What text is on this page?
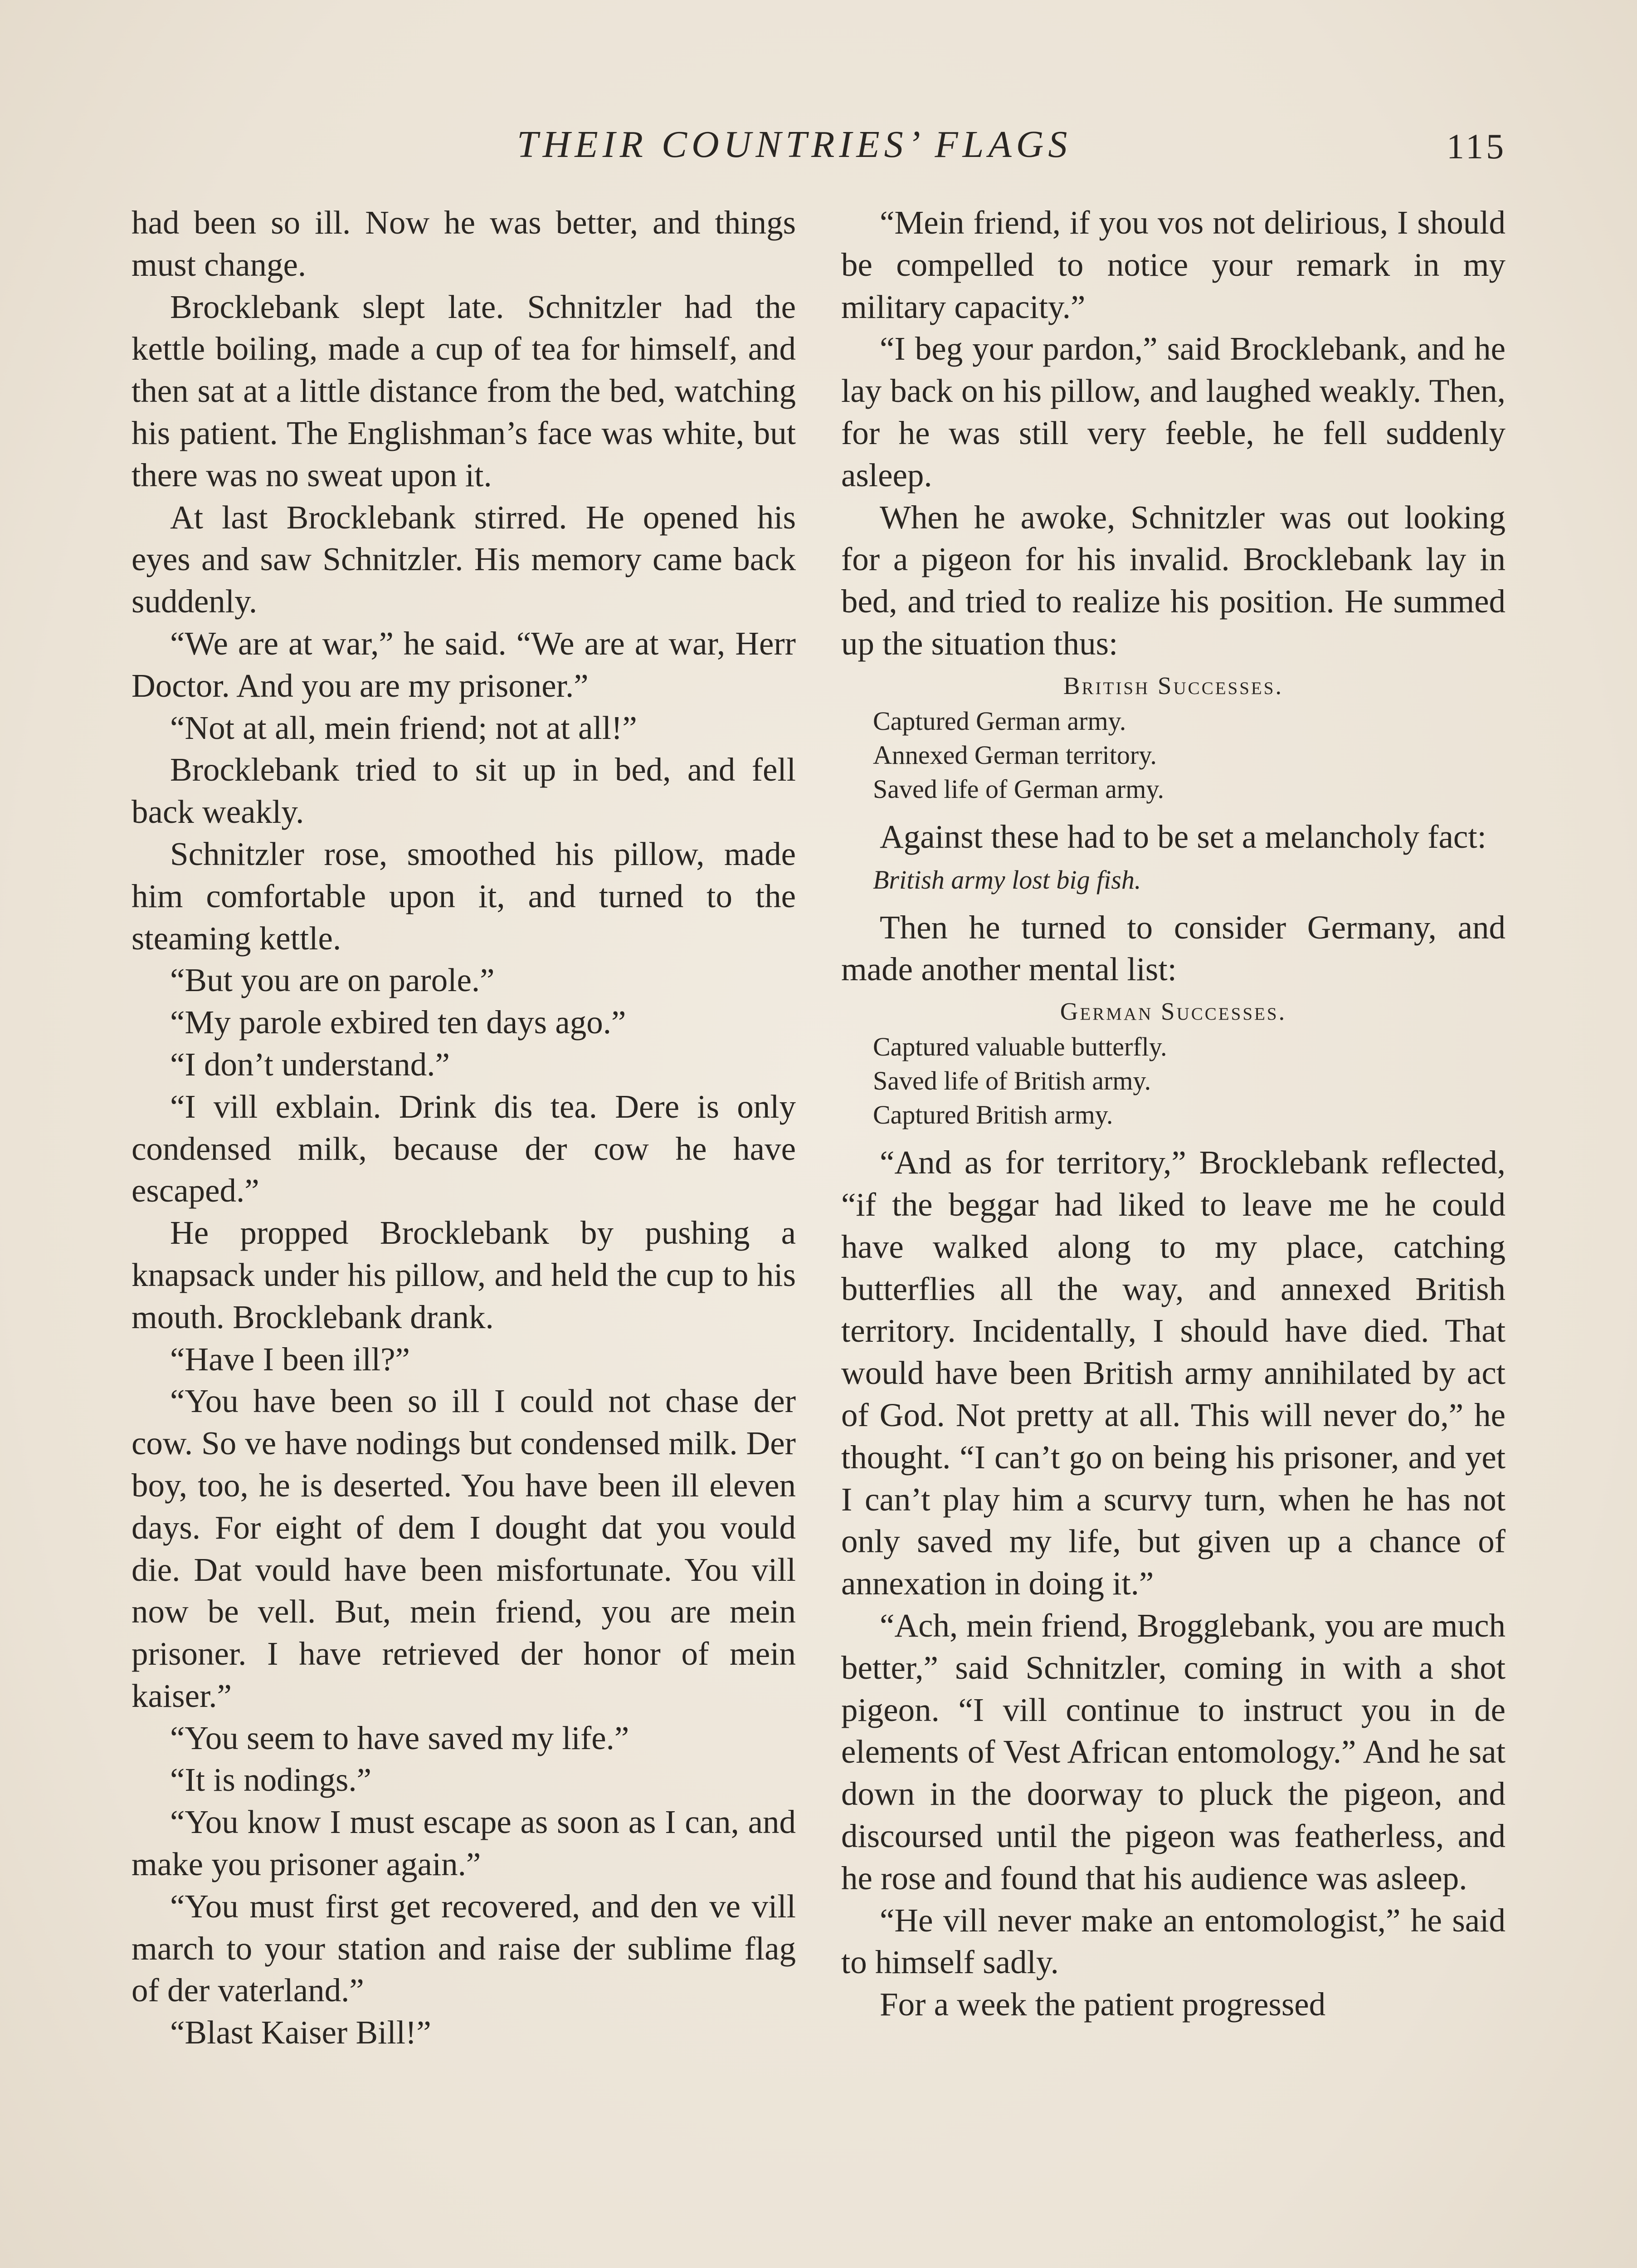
THEIR COUNTRIES’ FLAGS	115

had been so ill. Now he was better, and things must change.

Brocklebank slept late. Schnitzler had the kettle boiling, made a cup of tea for himself, and then sat at a little distance from the bed, watching his patient. The Englishman’s face was white, but there was no sweat upon it.

At last Brocklebank stirred. He opened his eyes and saw Schnitzler. His memory came back suddenly.

“We are at war,” he said. “We are at war, Herr Doctor. And you are my prisoner.”

“Not at all, mein friend; not at all!”

Brocklebank tried to sit up in bed, and fell back weakly.

Schnitzler rose, smoothed his pillow, made him comfortable upon it, and turned to the steaming kettle.

“But you are on parole.”

“My parole exbired ten days ago.”

“I don’t understand.”

“I vill exblain. Drink dis tea. Dere is only condensed milk, because der cow he have escaped.”

He propped Brocklebank by pushing a knapsack under his pillow, and held the cup to his mouth. Brocklebank drank.

“Have I been ill?”

“You have been so ill I could not chase der cow. So ve have nodings but condensed milk. Der boy, too, he is deserted. You have been ill eleven days. For eight of dem I dought dat you vould die. Dat vould have been misfortunate. You vill now be vell. But, mein friend, you are mein prisoner. I have retrieved der honor of mein kaiser.”

“You seem to have saved my life.”

“It is nodings.”

“You know I must escape as soon as I can, and make you prisoner again.”

“You must first get recovered, and den ve vill march to your station and raise der sublime flag of der vaterland.”

“Blast Kaiser Bill!”

“Mein friend, if you vos not delirious, I should be compelled to notice your remark in my military capacity.”

“I beg your pardon,” said Brocklebank, and he lay back on his pillow, and laughed weakly. Then, for he was still very feeble, he fell suddenly asleep.

When he awoke, Schnitzler was out looking for a pigeon for his invalid. Brocklebank lay in bed, and tried to realize his position. He summed up the situation thus:

British Successes.
Captured German army.
Annexed German territory.
Saved life of German army.

Against these had to be set a melancholy fact:

British army lost big fish.

Then he turned to consider Germany, and made another mental list:

German Successes.
Captured valuable butterfly.
Saved life of British army.
Captured British army.

“And as for territory,” Brocklebank reflected, “if the beggar had liked to leave me he could have walked along to my place, catching butterflies all the way, and annexed British territory. Incidentally, I should have died. That would have been British army annihilated by act of God. Not pretty at all. This will never do,” he thought. “I can’t go on being his prisoner, and yet I can’t play him a scurvy turn, when he has not only saved my life, but given up a chance of annexation in doing it.”

“Ach, mein friend, Brogglebank, you are much better,” said Schnitzler, coming in with a shot pigeon. “I vill continue to instruct you in de elements of Vest African entomology.” And he sat down in the doorway to pluck the pigeon, and discoursed until the pigeon was featherless, and he rose and found that his audience was asleep.

“He vill never make an entomologist,” he said to himself sadly.

For a week the patient progressed
